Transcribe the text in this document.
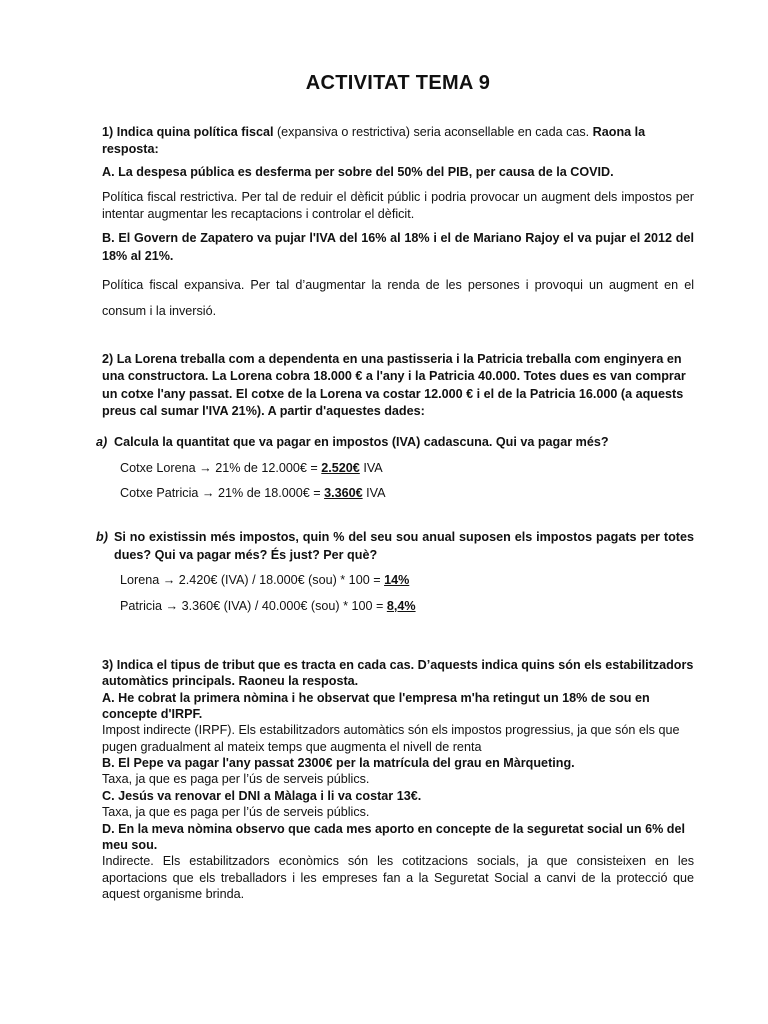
ACTIVITAT TEMA 9

1) Indica quina política fiscal (expansiva o restrictiva) seria aconsellable en cada cas. Raona la resposta:

A. La despesa pública es desferma per sobre del 50% del PIB, per causa de la COVID.

Política fiscal restrictiva. Per tal de reduir el dèficit públic i podria provocar un augment dels impostos per intentar augmentar les recaptacions i controlar el dèficit.

B. El Govern de Zapatero va pujar l'IVA del 16% al 18% i el de Mariano Rajoy el va pujar el 2012 del 18% al 21%.

Política fiscal expansiva. Per tal d’augmentar la renda de les persones i provoqui un augment en el consum i la inversió.

2) La Lorena treballa com a dependenta en una pastisseria i la Patricia treballa com enginyera en una constructora. La Lorena cobra 18.000 € a l'any i la Patricia 40.000. Totes dues es van comprar un cotxe l'any passat. El cotxe de la Lorena va costar 12.000 € i el de la Patricia 16.000 (a aquests preus cal sumar l'IVA 21%). A partir d'aquestes dades:

a) Calcula la quantitat que va pagar en impostos (IVA) cadascuna. Qui va pagar més?

Cotxe Lorena → 21% de 12.000€ = 2.520€ IVA

Cotxe Patricia → 21% de 18.000€ = 3.360€ IVA

b) Si no existissin més impostos, quin % del seu sou anual suposen els impostos pagats per totes dues? Qui va pagar més? És just? Per què?

Lorena → 2.420€ (IVA) / 18.000€ (sou) * 100 = 14%

Patricia → 3.360€ (IVA) / 40.000€ (sou) * 100 = 8,4%

3) Indica el tipus de tribut que es tracta en cada cas. D’aquests indica quins són els estabilitzadors automàtics principals. Raoneu la resposta.

A. He cobrat la primera nòmina i he observat que l'empresa m'ha retingut un 18% de sou en concepte d'IRPF.

Impost indirecte (IRPF). Els estabilitzadors automàtics són els impostos progressius, ja que són els que pugen gradualment al mateix temps que augmenta el nivell de renta

B. El Pepe va pagar l'any passat 2300€ per la matrícula del grau en Màrqueting.

Taxa, ja que es paga per l’ús de serveis públics.

C. Jesús va renovar el DNI a Màlaga i li va costar 13€.

Taxa, ja que es paga per l’ús de serveis públics.

D. En la meva nòmina observo que cada mes aporto en concepte de la seguretat social un 6% del meu sou.

Indirecte. Els estabilitzadors econòmics són les cotitzacions socials, ja que consisteixen en les aportacions que els treballadors i les empreses fan a la Seguretat Social a canvi de la protecció que aquest organisme brinda.
